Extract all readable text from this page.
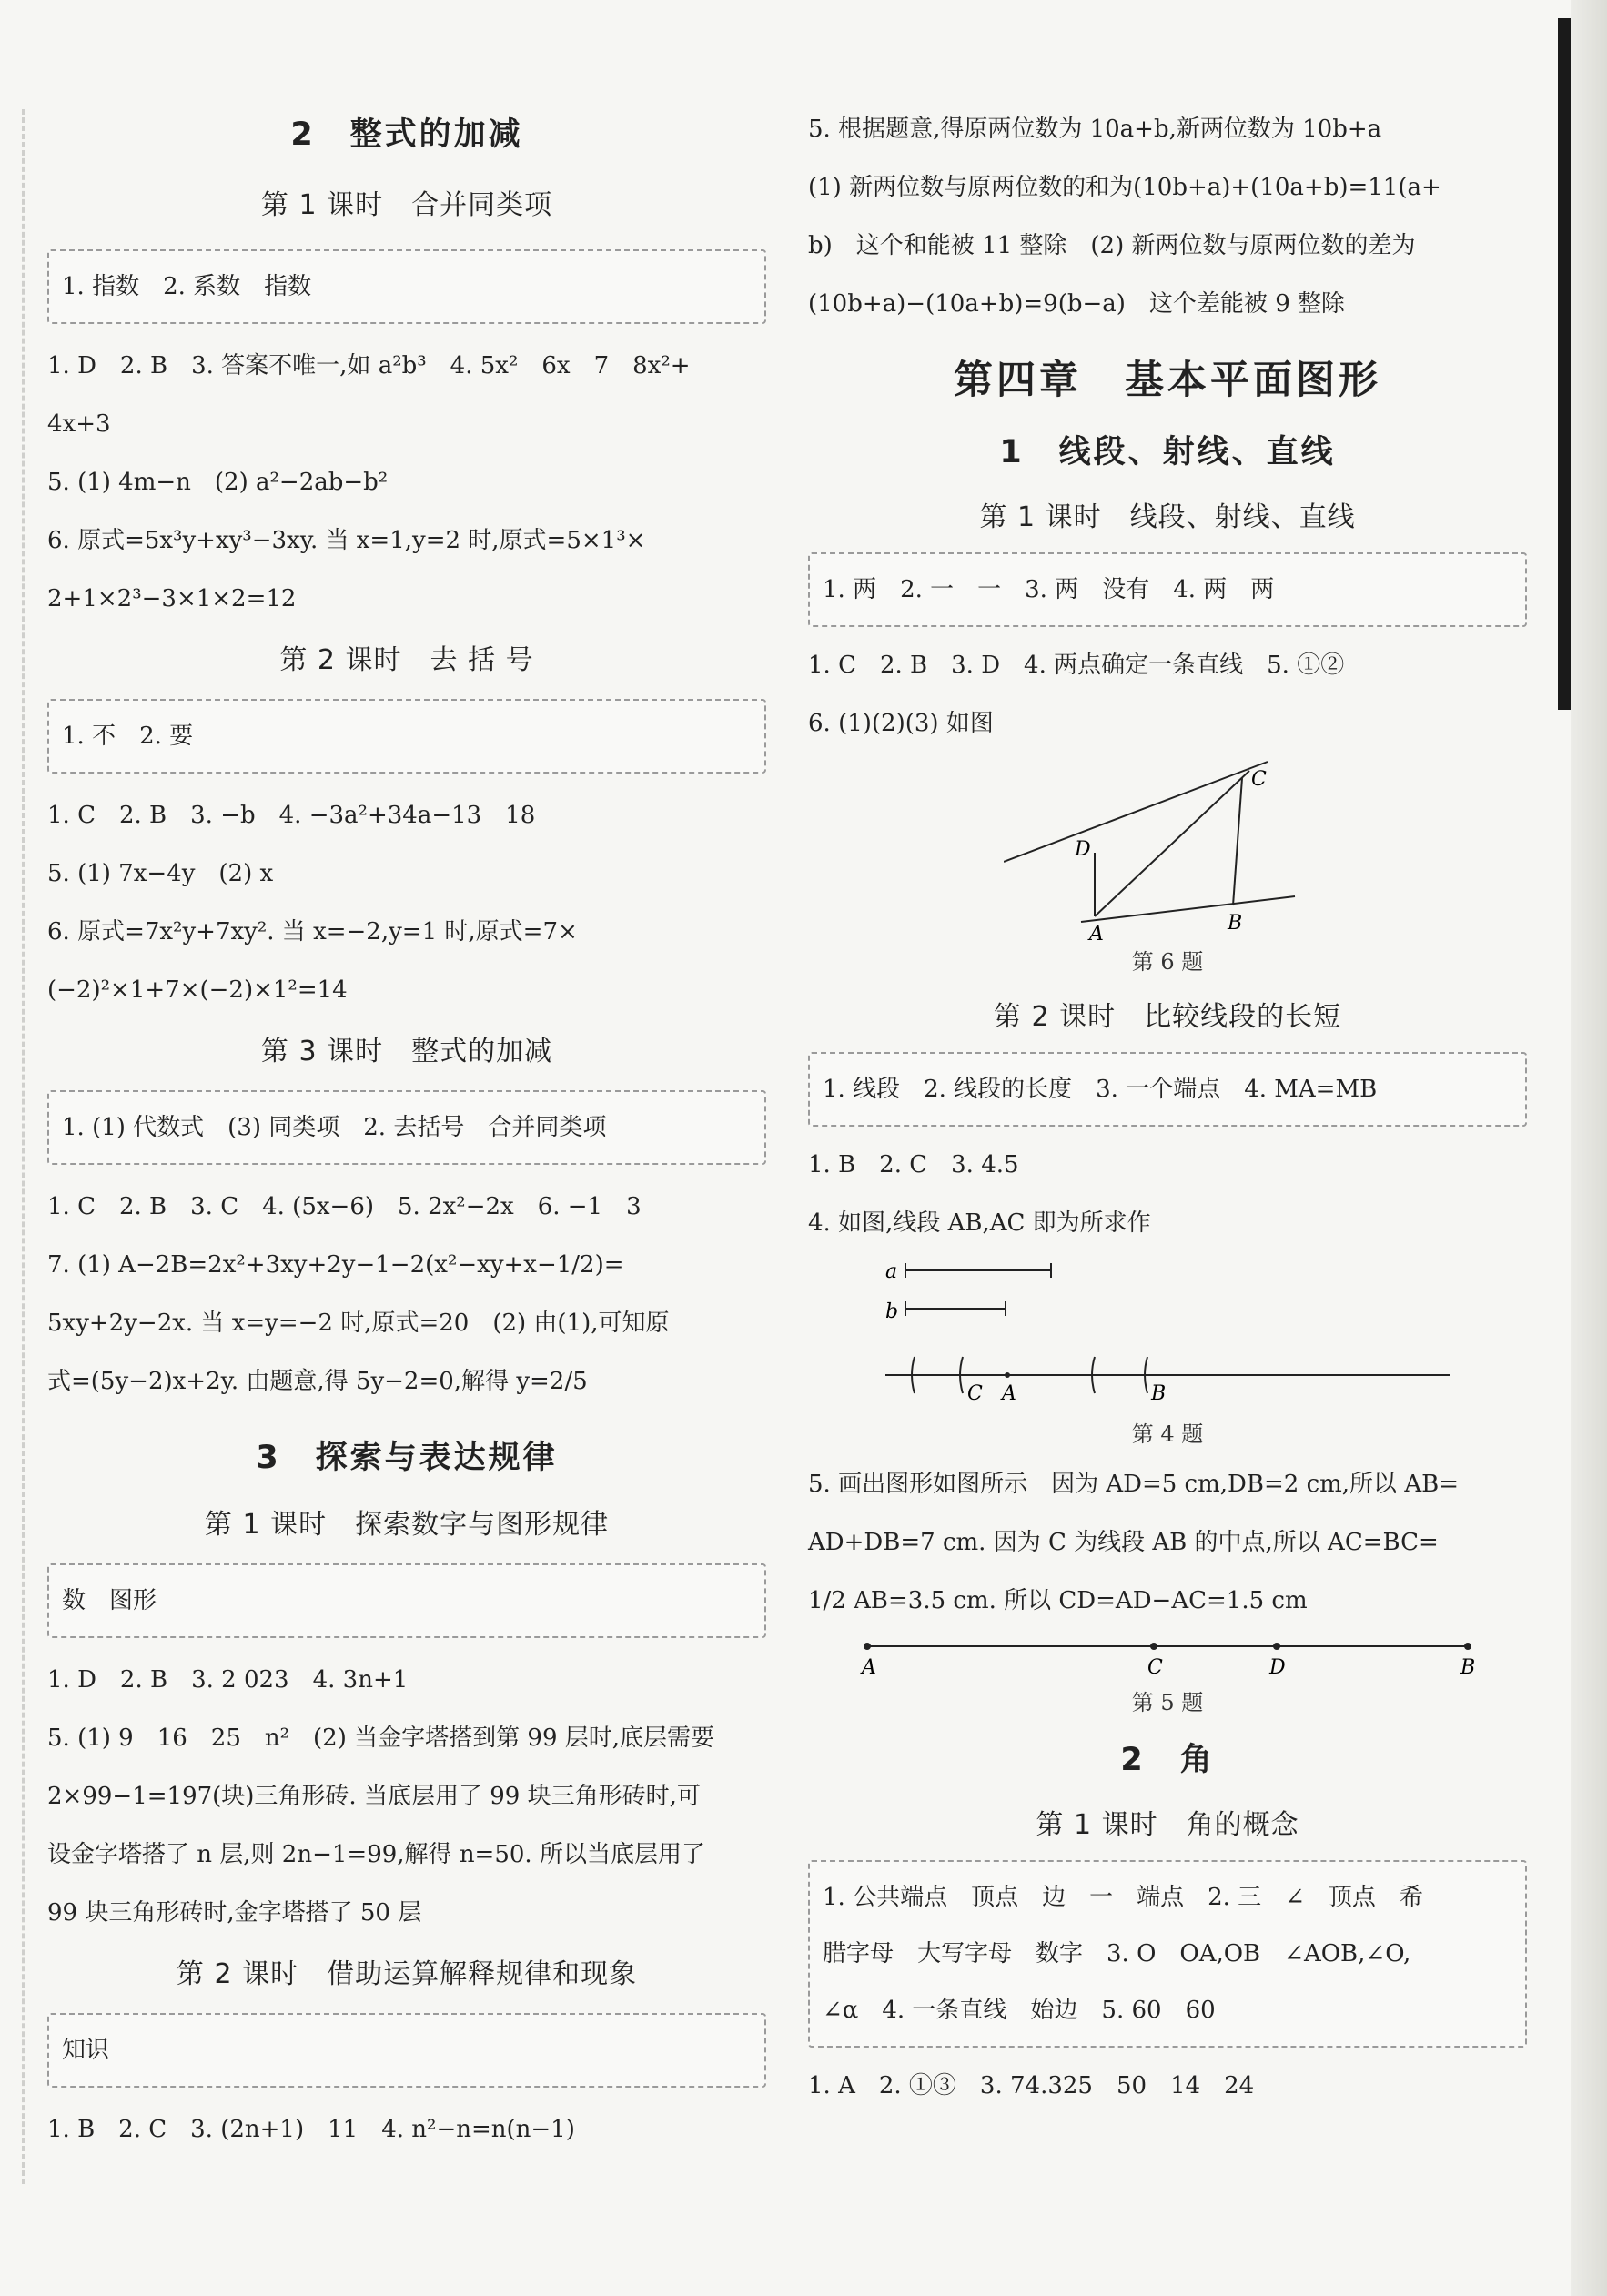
2　整式的加减
第 1 课时　合并同类项
1. 指数　2. 系数　指数

1. D　2. B　3. 答案不唯一,如 a²b³　4. 5x²　6x　7　8x²+

4x+3

5. (1) 4m−n　(2) a²−2ab−b²

6. 原式=5x³y+xy³−3xy. 当 x=1,y=2 时,原式=5×1³×

2+1×2³−3×1×2=12

第 2 课时　去 括 号
1. 不　2. 要

1. C　2. B　3. −b　4. −3a²+34a−13　18

5. (1) 7x−4y　(2) x

6. 原式=7x²y+7xy². 当 x=−2,y=1 时,原式=7×

(−2)²×1+7×(−2)×1²=14

第 3 课时　整式的加减
1. (1) 代数式　(3) 同类项　2. 去括号　合并同类项

1. C　2. B　3. C　4. (5x−6)　5. 2x²−2x　6. −1　3

7. (1) A−2B=2x²+3xy+2y−1−2(x²−xy+x−1/2)=

5xy+2y−2x. 当 x=y=−2 时,原式=20　(2) 由(1),可知原

式=(5y−2)x+2y. 由题意,得 5y−2=0,解得 y=2/5

3　探索与表达规律
第 1 课时　探索数字与图形规律
数　图形

1. D　2. B　3. 2 023　4. 3n+1

5. (1) 9　16　25　n²　(2) 当金字塔搭到第 99 层时,底层需要

2×99−1=197(块)三角形砖. 当底层用了 99 块三角形砖时,可

设金字塔搭了 n 层,则 2n−1=99,解得 n=50. 所以当底层用了

99 块三角形砖时,金字塔搭了 50 层

第 2 课时　借助运算解释规律和现象
知识

1. B　2. C　3. (2n+1)　11　4. n²−n=n(n−1)

5. 根据题意,得原两位数为 10a+b,新两位数为 10b+a

(1) 新两位数与原两位数的和为(10b+a)+(10a+b)=11(a+

b)　这个和能被 11 整除　(2) 新两位数与原两位数的差为

(10b+a)−(10a+b)=9(b−a)　这个差能被 9 整除

第四章　基本平面图形
1　线段、射线、直线
第 1 课时　线段、射线、直线
1. 两　2. 一　一　3. 两　没有　4. 两　两

1. C　2. B　3. D　4. 两点确定一条直线　5. ①②

6. (1)(2)(3) 如图

D
C
A	B
第 6 题
第 2 课时　比较线段的长短
1. 线段　2. 线段的长度　3. 一个端点　4. MA=MB

1. B　2. C　3. 4.5

4. 如图,线段 AB,AC 即为所求作

a
b
C A	B
第 4 题

5. 画出图形如图所示　因为 AD=5 cm,DB=2 cm,所以 AB=

AD+DB=7 cm. 因为 C 为线段 AB 的中点,所以 AC=BC=

1/2 AB=3.5 cm. 所以 CD=AD−AC=1.5 cm

A	C	D	B
第 5 题
2　角
第 1 课时　角的概念
1. 公共端点　顶点　边　一　端点　2. 三　∠　顶点　希
腊字母　大写字母　数字　3. O　OA,OB　∠AOB,∠O,
∠α　4. 一条直线　始边　5. 60　60

1. A　2. ①③　3. 74.325　50　14　24
